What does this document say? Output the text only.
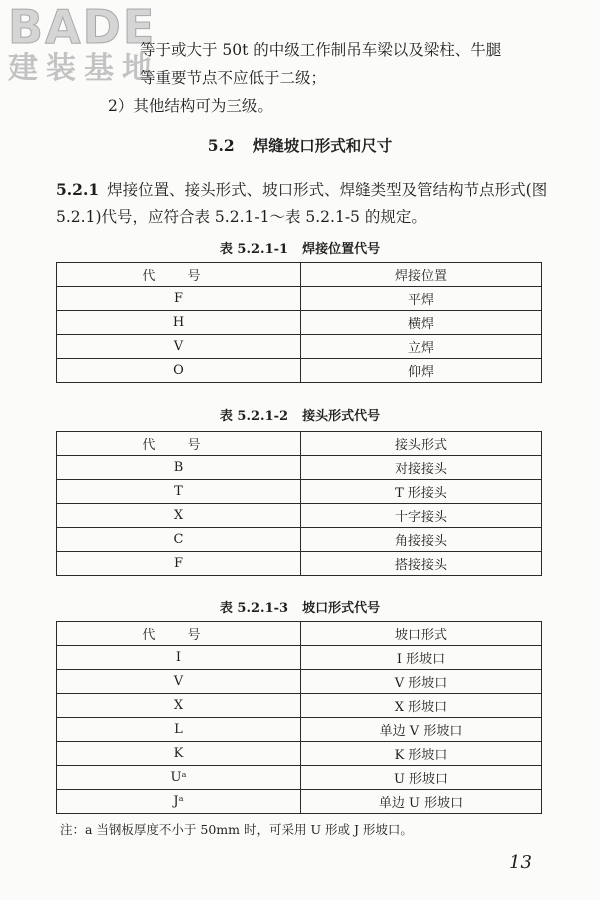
BADE
建装基地
等于或大于 50t 的中级工作制吊车梁以及梁柱、牛腿
等重要节点不应低于二级；
2）其他结构可为三级。
5.2 焊缝坡口形式和尺寸
5.2.1 焊接位置、接头形式、坡口形式、焊缝类型及管结构节点形式(图 5.2.1)代号，应符合表 5.2.1-1～表 5.2.1-5 的规定。
表 5.2.1-1 焊接位置代号
代 号	焊接位置
F	平焊
H	横焊
V	立焊
O	仰焊
表 5.2.1-2 接头形式代号
代 号	接头形式
B	对接接头
T	T 形接头
X	十字接头
C	角接接头
F	搭接接头
表 5.2.1-3 坡口形式代号
代 号	坡口形式
I	I 形坡口
V	V 形坡口
X	X 形坡口
L	单边 V 形坡口
K	K 形坡口
Uᵃ	U 形坡口
Jᵃ	单边 U 形坡口
注：a 当钢板厚度不小于 50mm 时，可采用 U 形或 J 形坡口。
13
